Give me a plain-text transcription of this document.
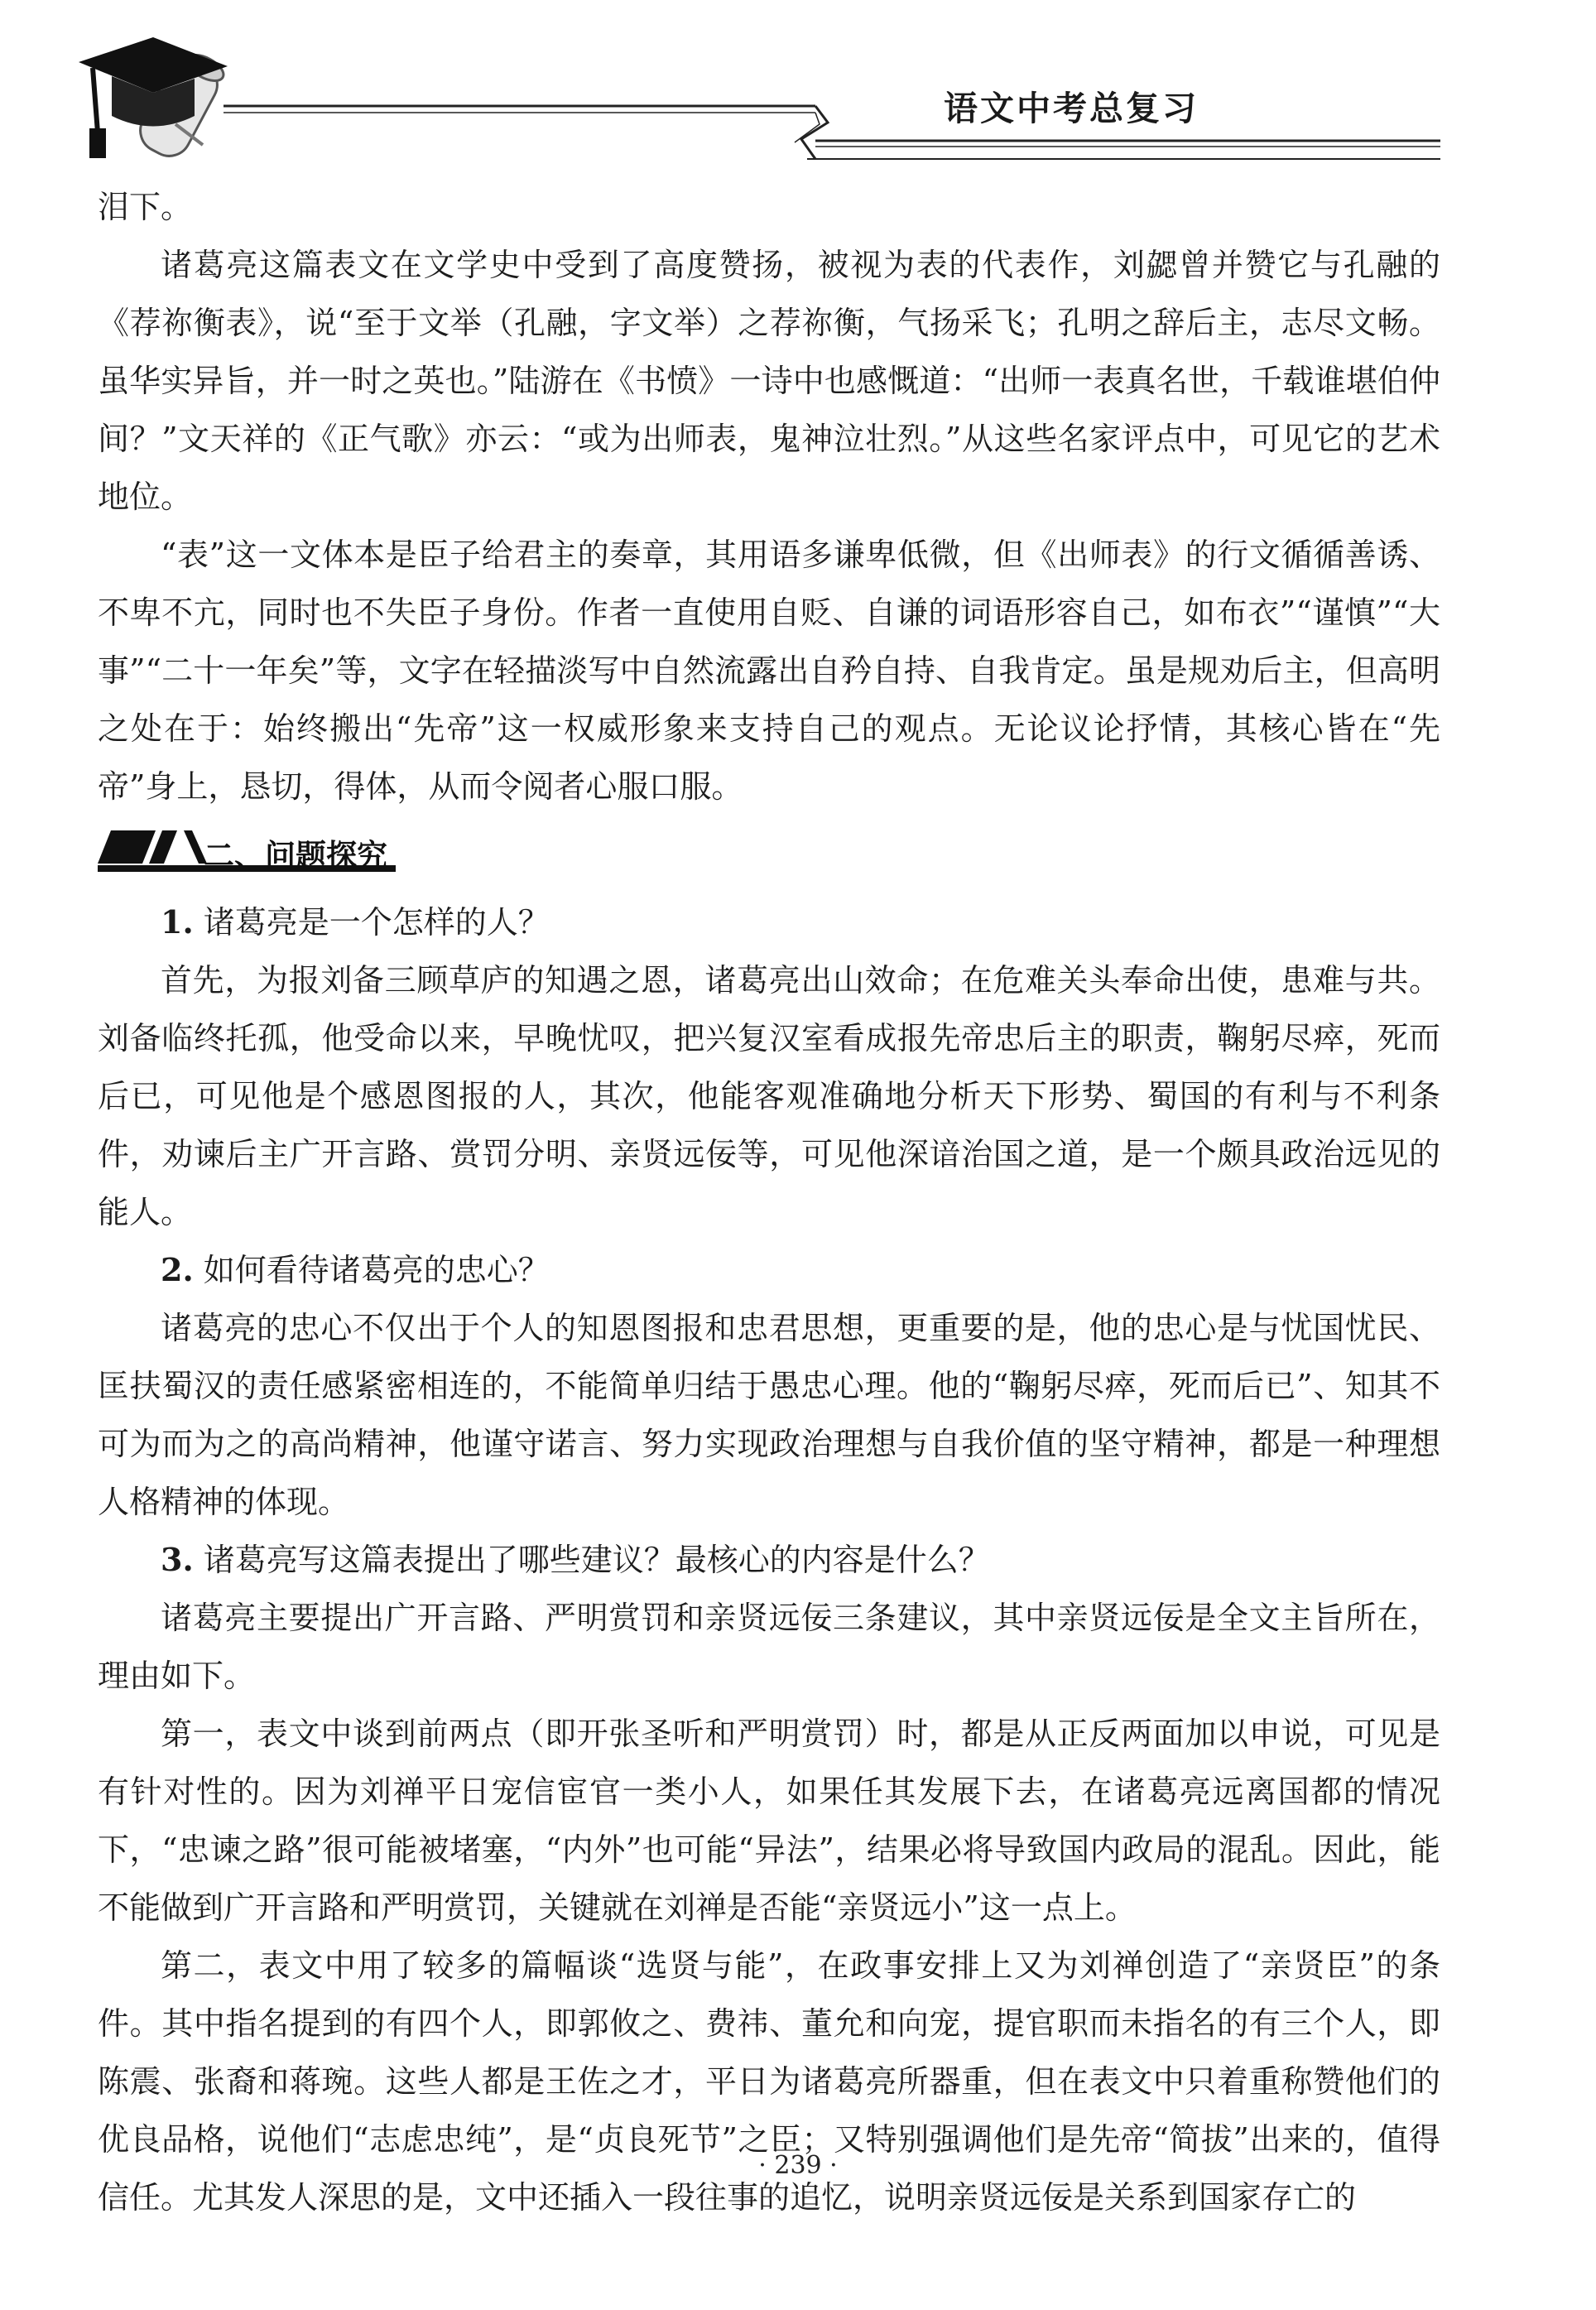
语文中考总复习

泪下。

诸葛亮这篇表文在文学史中受到了高度赞扬，被视为表的代表作，刘勰曾并赞它与孔融的《荐祢衡表》，说“至于文举（孔融，字文举）之荐祢衡，气扬采飞；孔明之辞后主，志尽文畅。虽华实异旨，并一时之英也。”陆游在《书愤》一诗中也感慨道：“出师一表真名世，千载谁堪伯仲间？”文天祥的《正气歌》亦云：“或为出师表，鬼神泣壮烈。”从这些名家评点中，可见它的艺术地位。

“表”这一文体本是臣子给君主的奏章，其用语多谦卑低微，但《出师表》的行文循循善诱、不卑不亢，同时也不失臣子身份。作者一直使用自贬、自谦的词语形容自己，如布衣”“谨慎”“大事”“二十一年矣”等，文字在轻描淡写中自然流露出自矜自持、自我肯定。虽是规劝后主，但高明之处在于：始终搬出“先帝”这一权威形象来支持自己的观点。无论议论抒情，其核心皆在“先帝”身上，恳切，得体，从而令阅者心服口服。

二、问题探究

1. 诸葛亮是一个怎样的人？

首先，为报刘备三顾草庐的知遇之恩，诸葛亮出山效命；在危难关头奉命出使，患难与共。刘备临终托孤，他受命以来，早晚忧叹，把兴复汉室看成报先帝忠后主的职责，鞠躬尽瘁，死而后已，可见他是个感恩图报的人，其次，他能客观准确地分析天下形势、蜀国的有利与不利条件，劝谏后主广开言路、赏罚分明、亲贤远佞等，可见他深谙治国之道，是一个颇具政治远见的能人。

2. 如何看待诸葛亮的忠心？

诸葛亮的忠心不仅出于个人的知恩图报和忠君思想，更重要的是，他的忠心是与忧国忧民、匡扶蜀汉的责任感紧密相连的，不能简单归结于愚忠心理。他的“鞠躬尽瘁，死而后已”、知其不可为而为之的高尚精神，他谨守诺言、努力实现政治理想与自我价值的坚守精神，都是一种理想人格精神的体现。

3. 诸葛亮写这篇表提出了哪些建议？最核心的内容是什么？

诸葛亮主要提出广开言路、严明赏罚和亲贤远佞三条建议，其中亲贤远佞是全文主旨所在，理由如下。

第一，表文中谈到前两点（即开张圣听和严明赏罚）时，都是从正反两面加以申说，可见是有针对性的。因为刘禅平日宠信宦官一类小人，如果任其发展下去，在诸葛亮远离国都的情况下，“忠谏之路”很可能被堵塞，“内外”也可能“异法”，结果必将导致国内政局的混乱。因此，能不能做到广开言路和严明赏罚，关键就在刘禅是否能“亲贤远小”这一点上。

第二，表文中用了较多的篇幅谈“选贤与能”，在政事安排上又为刘禅创造了“亲贤臣”的条件。其中指名提到的有四个人，即郭攸之、费祎、董允和向宠，提官职而未指名的有三个人，即陈震、张裔和蒋琬。这些人都是王佐之才，平日为诸葛亮所器重，但在表文中只着重称赞他们的优良品格，说他们“志虑忠纯”，是“贞良死节”之臣；又特别强调他们是先帝“简拔”出来的，值得信任。尤其发人深思的是，文中还插入一段往事的追忆，说明亲贤远佞是关系到国家存亡的

· 239 ·
